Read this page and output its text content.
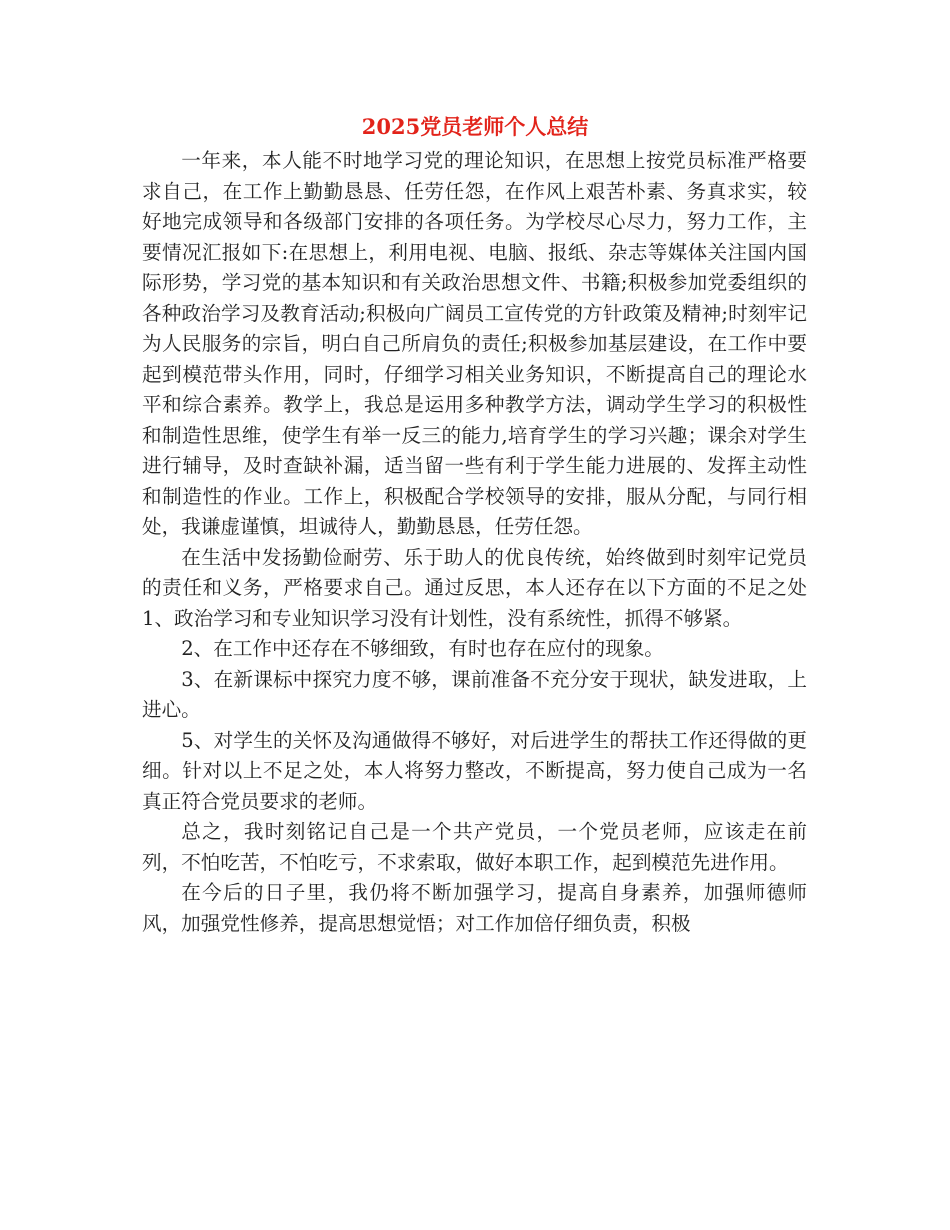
2025党员老师个人总结

一年来，本人能不时地学习党的理论知识，在思想上按党员标准严格要求自己，在工作上勤勤恳恳、任劳任怨，在作风上艰苦朴素、务真求实，较好地完成领导和各级部门安排的各项任务。为学校尽心尽力，努力工作，主要情况汇报如下:在思想上，利用电视、电脑、报纸、杂志等媒体关注国内国际形势，学习党的基本知识和有关政治思想文件、书籍;积极参加党委组织的各种政治学习及教育活动;积极向广阔员工宣传党的方针政策及精神;时刻牢记为人民服务的宗旨，明白自己所肩负的责任;积极参加基层建设，在工作中要起到模范带头作用，同时，仔细学习相关业务知识，不断提高自己的理论水平和综合素养。教学上，我总是运用多种教学方法，调动学生学习的积极性和制造性思维，使学生有举一反三的能力,培育学生的学习兴趣；课余对学生进行辅导，及时查缺补漏，适当留一些有利于学生能力进展的、发挥主动性和制造性的作业。工作上，积极配合学校领导的安排，服从分配，与同行相处，我谦虚谨慎，坦诚待人，勤勤恳恳，任劳任怨。

在生活中发扬勤俭耐劳、乐于助人的优良传统，始终做到时刻牢记党员的责任和义务，严格要求自己。通过反思，本人还存在以下方面的不足之处1、政治学习和专业知识学习没有计划性，没有系统性，抓得不够紧。

2、在工作中还存在不够细致，有时也存在应付的现象。

3、在新课标中探究力度不够，课前准备不充分安于现状，缺发进取，上进心。

5、对学生的关怀及沟通做得不够好，对后进学生的帮扶工作还得做的更细。针对以上不足之处，本人将努力整改，不断提高，努力使自己成为一名真正符合党员要求的老师。

总之，我时刻铭记自己是一个共产党员，一个党员老师，应该走在前列，不怕吃苦，不怕吃亏，不求索取，做好本职工作，起到模范先进作用。

在今后的日子里，我仍将不断加强学习，提高自身素养，加强师德师风，加强党性修养，提高思想觉悟；对工作加倍仔细负责，积极
